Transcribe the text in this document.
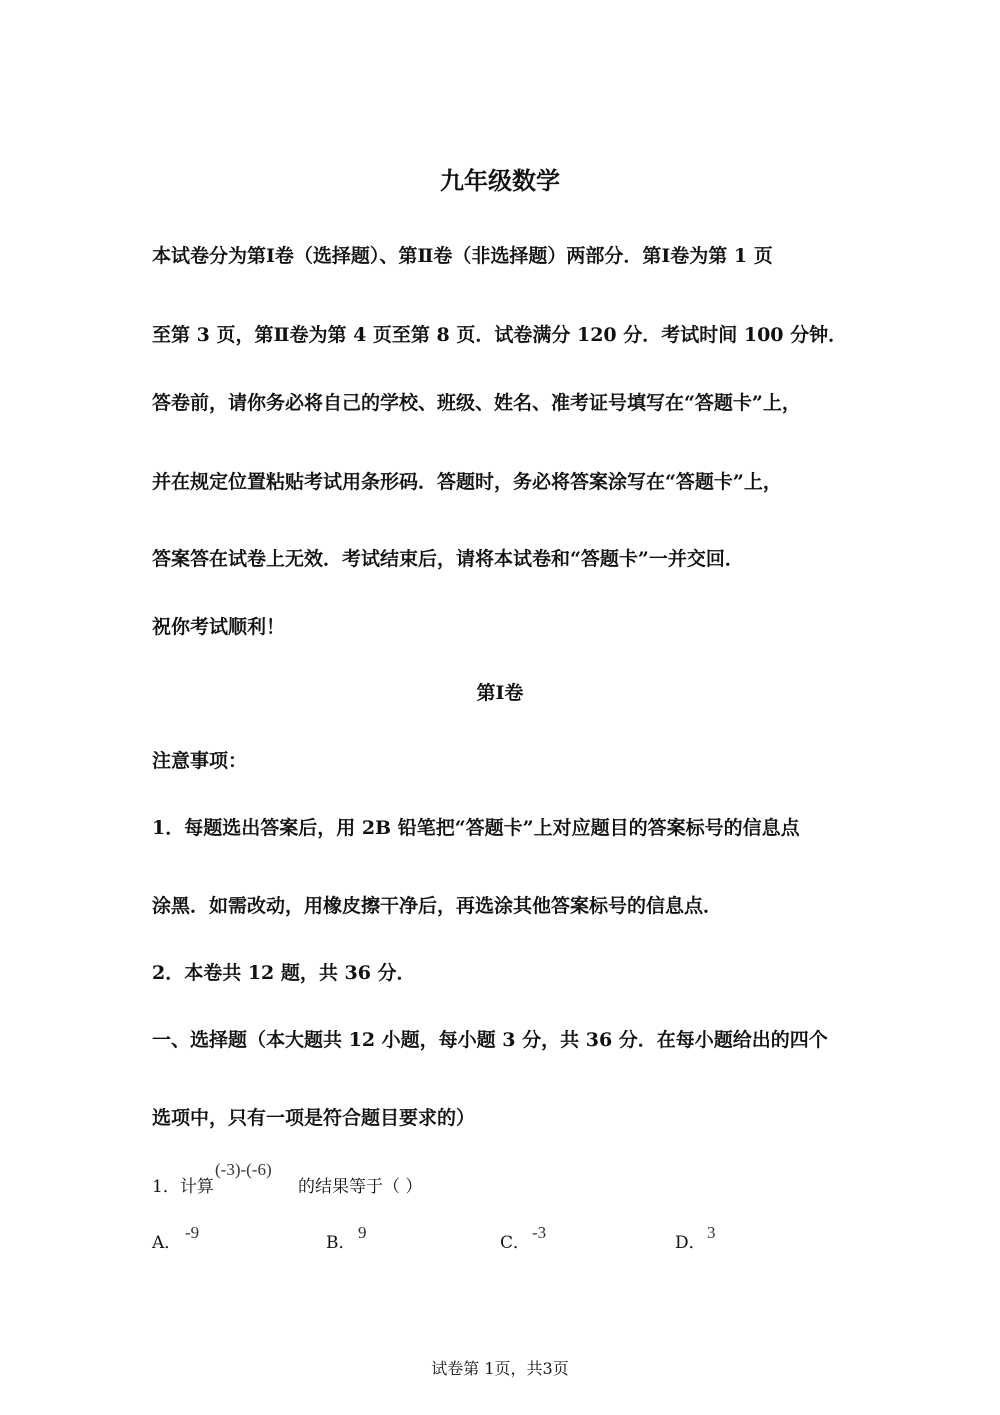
九年级数学
本试卷分为第Ⅰ卷（选择题）、第Ⅱ卷（非选择题）两部分．第Ⅰ卷为第 1 页
至第 3 页，第Ⅱ卷为第 4 页至第 8 页．试卷满分 120 分．考试时间 100 分钟．
答卷前，请你务必将自己的学校、班级、姓名、准考证号填写在“答题卡”上，
并在规定位置粘贴考试用条形码．答题时，务必将答案涂写在“答题卡”上，
答案答在试卷上无效．考试结束后，请将本试卷和“答题卡”一并交回．
祝你考试顺利！
第Ⅰ卷
注意事项：
1．每题选出答案后，用 2B 铅笔把“答题卡”上对应题目的答案标号的信息点
涂黑．如需改动，用橡皮擦干净后，再选涂其他答案标号的信息点．
2．本卷共 12 题，共 36 分．
一、选择题（本大题共 12 小题，每小题 3 分，共 36 分．在每小题给出的四个
选项中，只有一项是符合题目要求的）
1．计算
(-3)-(-6)
的结果等于（ ）
A．
-9
B．
9
C．
-3
D．
3
试卷第 1页，共3页
